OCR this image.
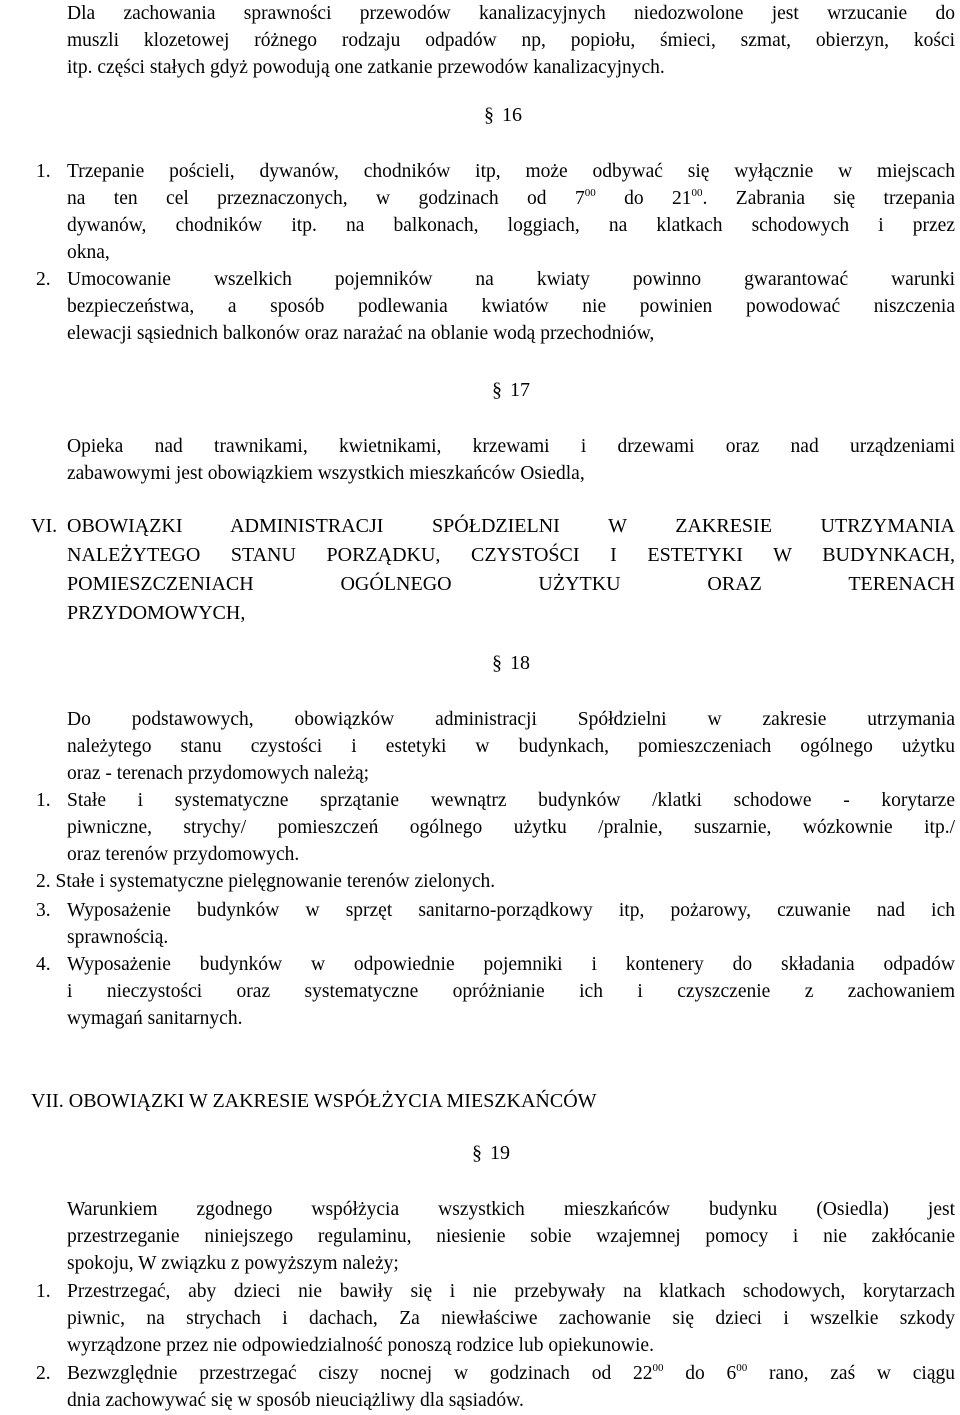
Dla zachowania sprawności przewodów kanalizacyjnych niedozwolone jest wrzucanie do
muszli klozetowej różnego rodzaju odpadów np, popiołu, śmieci, szmat, obierzyn, kości
itp. części stałych gdyż powodują one zatkanie przewodów kanalizacyjnych.
§ 16
1. Trzepanie pościeli, dywanów, chodników itp, może odbywać się wyłącznie w miejscach
na ten cel przeznaczonych, w godzinach od $7^{00}$ do $21^{00}$. Zabrania się trzepania
dywanów, chodników itp. na balkonach, loggiach, na klatkach schodowych i przez
okna,
2. Umocowanie wszelkich pojemników na kwiaty powinno gwarantować warunki
bezpieczeństwa, a sposób podlewania kwiatów nie powinien powodować niszczenia
elewacji sąsiednich balkonów oraz narażać na oblanie wodą przechodniów,
§ 17
Opieka nad trawnikami, kwietnikami, krzewami i drzewami oraz nad urządzeniami
zabawowymi jest obowiązkiem wszystkich mieszkańców Osiedla,
VI. OBOWIĄZKI ADMINISTRACJI SPÓŁDZIELNI W ZAKRESIE UTRZYMANIA
NALEŻYTEGO STANU PORZĄDKU, CZYSTOŚCI I ESTETYKI W BUDYNKACH,
POMIESZCZENIACH OGÓLNEGO UŻYTKU ORAZ TERENACH
PRZYDOMOWYCH,
§ 18
Do podstawowych, obowiązków administracji Spółdzielni w zakresie utrzymania
należytego stanu czystości i estetyki w budynkach, pomieszczeniach ogólnego użytku
oraz - terenach przydomowych należą;
1. Stałe i systematyczne sprzątanie wewnątrz budynków /klatki schodowe - korytarze
piwniczne, strychy/ pomieszczeń ogólnego użytku /pralnie, suszarnie, wózkownie itp./
oraz terenów przydomowych.
2. Stałe i systematyczne pielęgnowanie terenów zielonych.
3. Wyposażenie budynków w sprzęt sanitarno-porządkowy itp, pożarowy, czuwanie nad ich
sprawnością.
4. Wyposażenie budynków w odpowiednie pojemniki i kontenery do składania odpadów
i nieczystości oraz systematyczne opróżnianie ich i czyszczenie z zachowaniem
wymagań sanitarnych.
VII. OBOWIĄZKI W ZAKRESIE WSPÓŁŻYCIA MIESZKAŃCÓW
§ 19
Warunkiem zgodnego współżycia wszystkich mieszkańców budynku (Osiedla) jest
przestrzeganie niniejszego regulaminu, niesienie sobie wzajemnej pomocy i nie zakłócanie
spokoju, W związku z powyższym należy;
1. Przestrzegać, aby dzieci nie bawiły się i nie przebywały na klatkach schodowych, korytarzach
piwnic, na strychach i dachach, Za niewłaściwe zachowanie się dzieci i wszelkie szkody
wyrządzone przez nie odpowiedzialność ponoszą rodzice lub opiekunowie.
2. Bezwzględnie przestrzegać ciszy nocnej w godzinach od $22^{00}$ do $6^{00}$ rano, zaś w ciągu
dnia zachowywać się w sposób nieuciążliwy dla sąsiadów.
